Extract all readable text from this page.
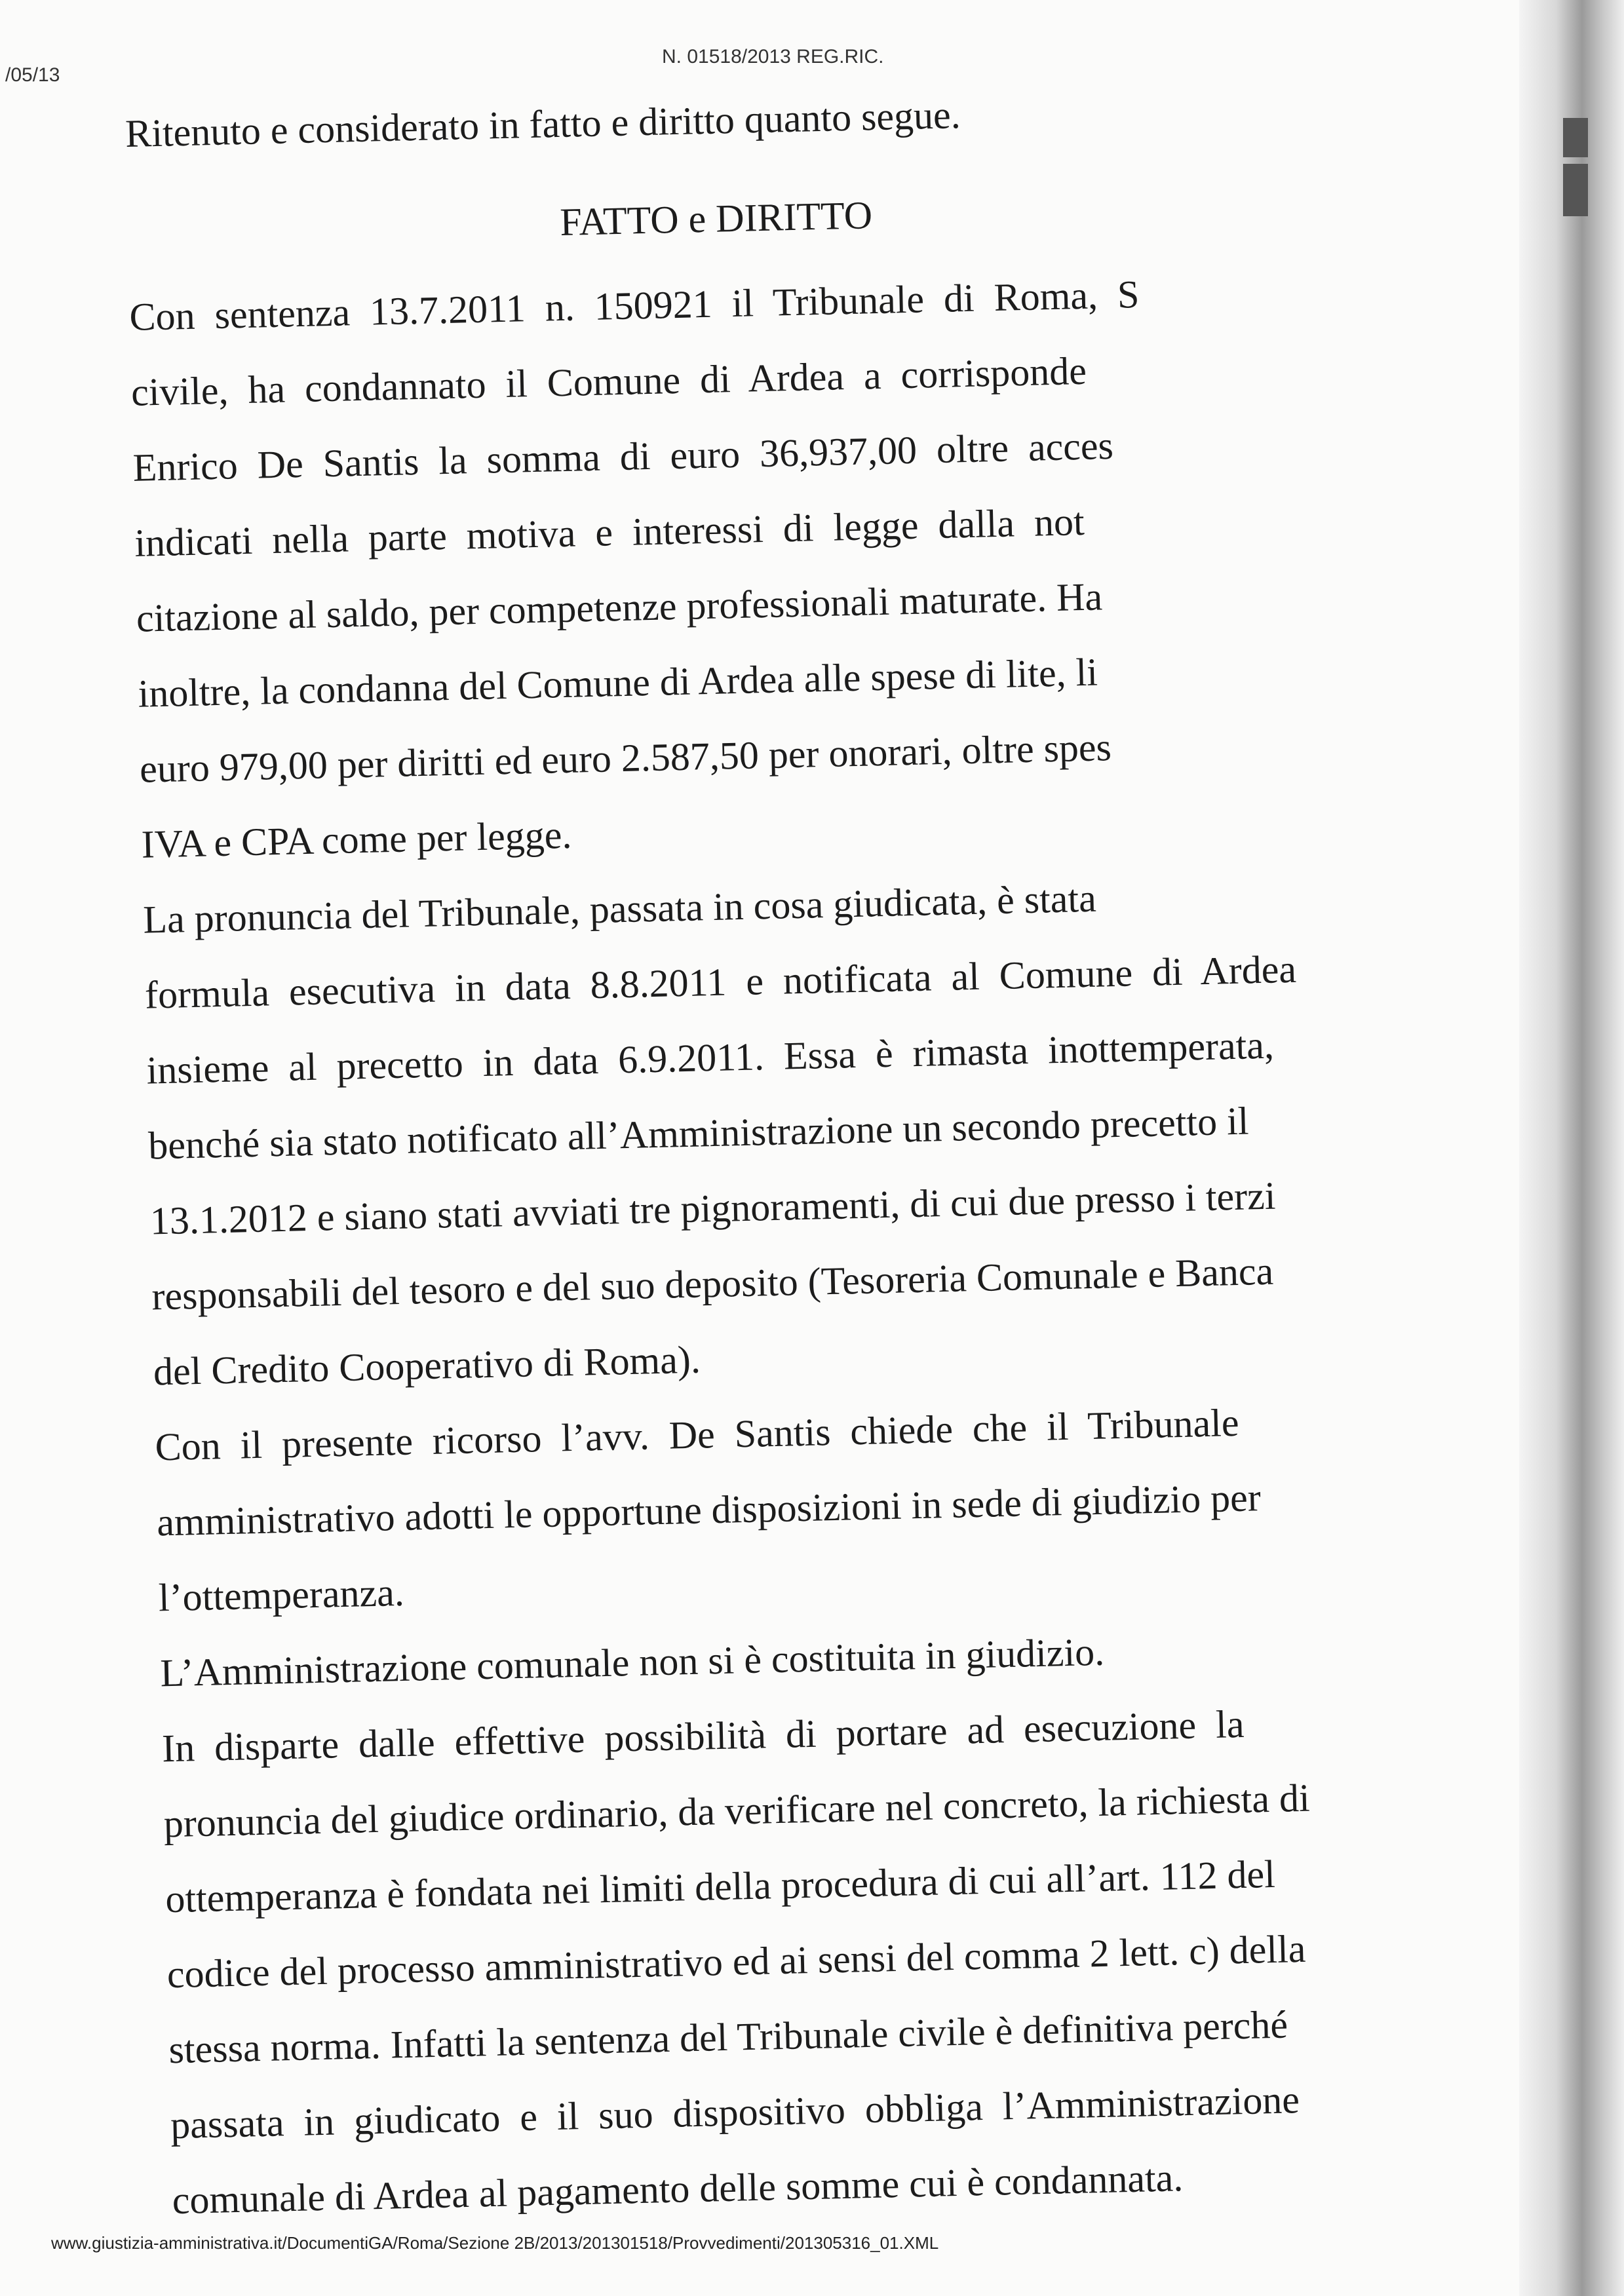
/05/13
N. 01518/2013 REG.RIC.
Ritenuto e considerato in fatto e diritto quanto segue.
FATTO e DIRITTO
Con  sentenza  13.7.2011  n.  150921  il  Tribunale  di  Roma,  S
civile,  ha  condannato  il  Comune  di  Ardea  a  corrisponde
Enrico  De  Santis  la  somma  di  euro  36,937,00  oltre  acces
indicati  nella  parte  motiva  e  interessi  di  legge  dalla  not
citazione al saldo, per competenze professionali maturate. Ha
inoltre, la condanna del Comune di Ardea alle spese di lite, li
euro 979,00 per diritti ed euro 2.587,50 per onorari, oltre spes
IVA e CPA come per legge.
La pronuncia del Tribunale, passata in cosa giudicata, è stata
formula  esecutiva  in  data  8.8.2011  e  notificata  al  Comune  di  Ardea
insieme  al  precetto  in  data  6.9.2011.  Essa  è  rimasta  inottemperata,
benché sia stato notificato all’Amministrazione un secondo precetto il
13.1.2012 e siano stati avviati tre pignoramenti, di cui due presso i terzi
responsabili del tesoro e del suo deposito (Tesoreria Comunale e Banca
del Credito Cooperativo di Roma).
Con  il  presente  ricorso  l’avv.  De  Santis  chiede  che  il  Tribunale
amministrativo adotti le opportune disposizioni in sede di giudizio per
l’ottemperanza.
L’Amministrazione comunale non si è costituita in giudizio.
In  disparte  dalle  effettive  possibilità  di  portare  ad  esecuzione  la
pronuncia del giudice ordinario, da verificare nel concreto, la richiesta di
ottemperanza è fondata nei limiti della procedura di cui all’art. 112 del
codice del processo amministrativo ed ai sensi del comma 2 lett. c) della
stessa norma. Infatti la sentenza del Tribunale civile è definitiva perché
passata  in  giudicato  e  il  suo  dispositivo  obbliga  l’Amministrazione
comunale di Ardea al pagamento delle somme cui è condannata.
www.giustizia-amministrativa.it/DocumentiGA/Roma/Sezione 2B/2013/201301518/Provvedimenti/201305316_01.XML
